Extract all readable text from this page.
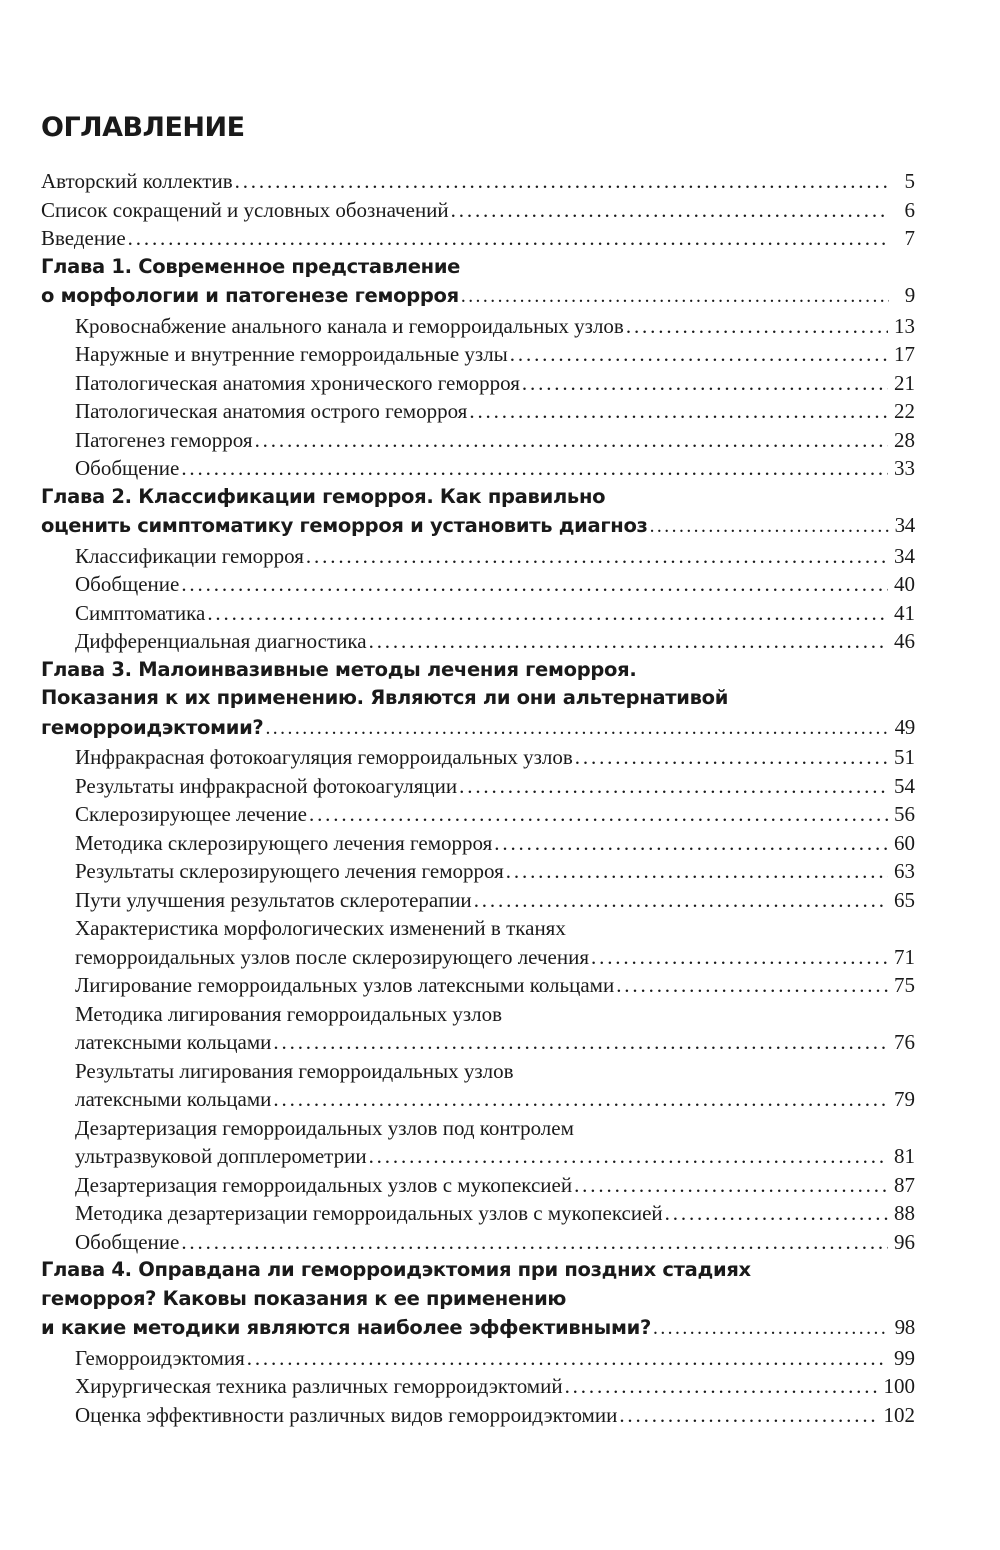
ОГЛАВЛЕНИЕ
Авторский коллектив . . .	5
Список сокращений и условных обозначений . . .	6
Введение . . .	7
Глава 1. Современное представление
о морфологии и патогенезе геморроя . . .	9
Кровоснабжение анального канала и геморроидальных узлов . . .	13
Наружные и внутренние геморроидальные узлы . . .	17
Патологическая анатомия хронического геморроя . . .	21
Патологическая анатомия острого геморроя . . .	22
Патогенез геморроя . . .	28
Обобщение . . .	33
Глава 2. Классификации геморроя. Как правильно
оценить симптоматику геморроя и установить диагноз . . .	34
Классификации геморроя . . .	34
Обобщение . . .	40
Симптоматика . . .	41
Дифференциальная диагностика . . .	46
Глава 3. Малоинвазивные методы лечения геморроя.
Показания к их применению. Являются ли они альтернативой
геморроидэктомии? . . .	49
Инфракрасная фотокоагуляция геморроидальных узлов . . .	51
Результаты инфракрасной фотокоагуляции . . .	54
Склерозирующее лечение . . .	56
Методика склерозирующего лечения геморроя . . .	60
Результаты склерозирующего лечения геморроя . . .	63
Пути улучшения результатов склеротерапии . . .	65
Характеристика морфологических изменений в тканях
геморроидальных узлов после склерозирующего лечения . . .	71
Лигирование геморроидальных узлов латексными кольцами . . .	75
Методика лигирования геморроидальных узлов
латексными кольцами . . .	76
Результаты лигирования геморроидальных узлов
латексными кольцами . . .	79
Дезартеризация геморроидальных узлов под контролем
ультразвуковой допплерометрии . . .	81
Дезартеризация геморроидальных узлов с мукопексией . . .	87
Методика дезартеризации геморроидальных узлов с мукопексией . . .	88
Обобщение . . .	96
Глава 4. Оправдана ли геморроидэктомия при поздних стадиях
геморроя? Каковы показания к ее применению
и какие методики являются наиболее эффективными? . . .	98
Геморроидэктомия . . .	99
Хирургическая техника различных геморроидэктомий . . .	100
Оценка эффективности различных видов геморроидэктомии . . .	102
